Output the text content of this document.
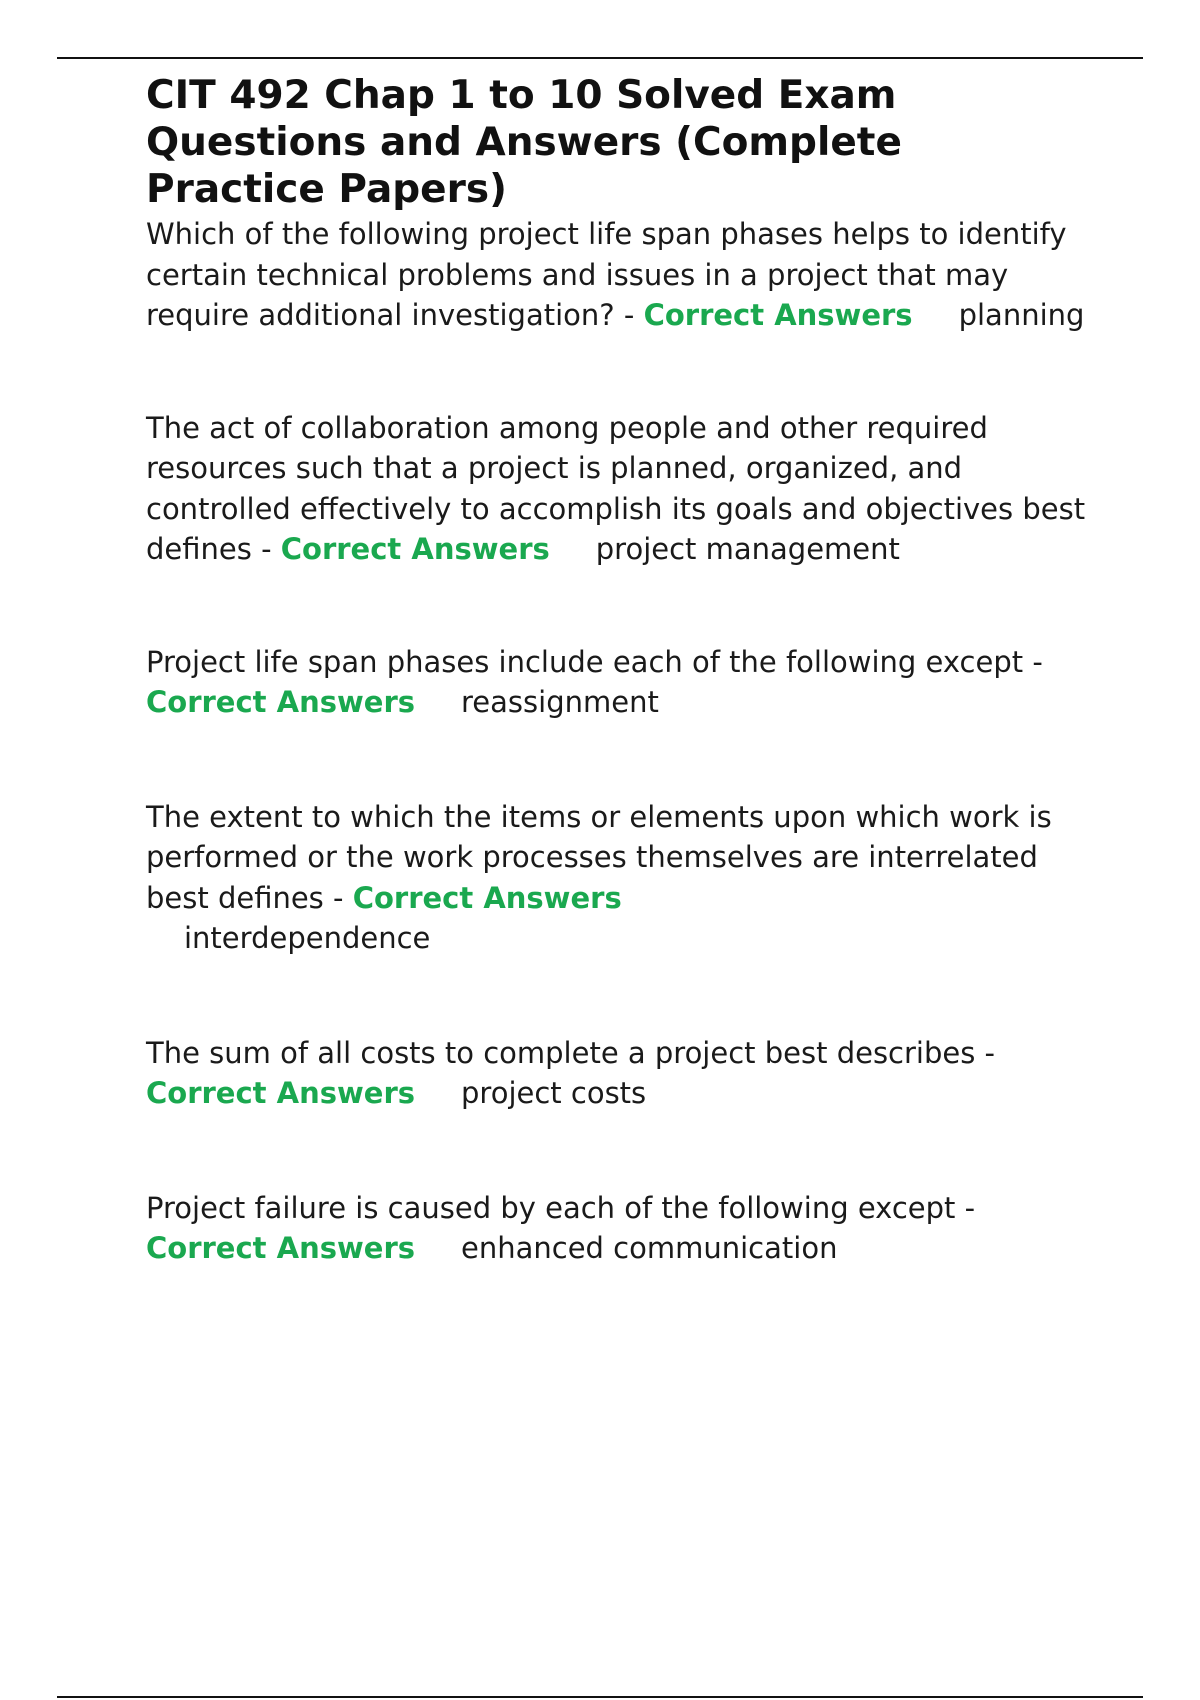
CIT 492 Chap 1 to 10 Solved Exam Questions and Answers (Complete Practice Papers)

Which of the following project life span phases helps to identify certain technical problems and issues in a project that may require additional investigation? - Correct Answers planning

The act of collaboration among people and other required resources such that a project is planned, organized, and controlled effectively to accomplish its goals and objectives best defines - Correct Answers project management

Project life span phases include each of the following except - Correct Answers reassignment

The extent to which the items or elements upon which work is performed or the work processes themselves are interrelated best defines - Correct Answers
interdependence

The sum of all costs to complete a project best describes - Correct Answers project costs

Project failure is caused by each of the following except - Correct Answers enhanced communication
